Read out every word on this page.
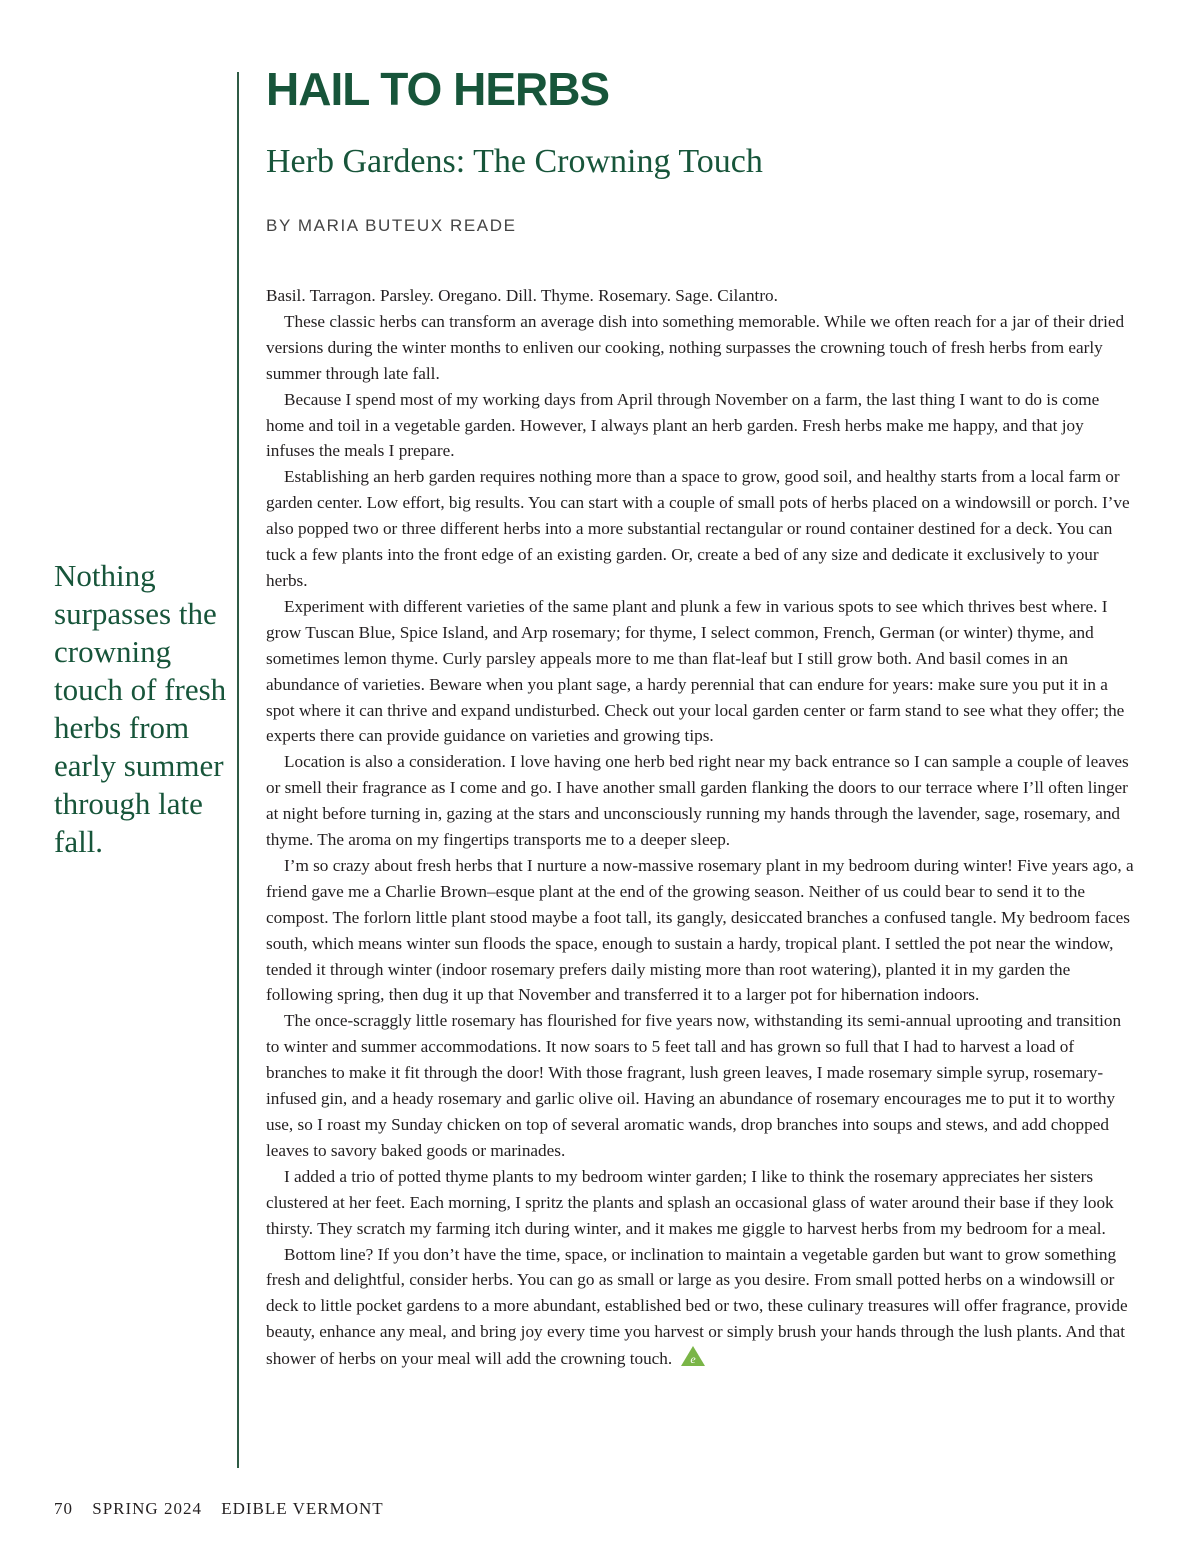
HAIL TO HERBS
Herb Gardens: The Crowning Touch
BY MARIA BUTEUX READE

Nothing surpasses the crowning touch of fresh herbs from early summer through late fall.

Basil. Tarragon. Parsley. Oregano. Dill. Thyme. Rosemary. Sage. Cilantro.

These classic herbs can transform an average dish into something memorable. While we often reach for a jar of their dried versions during the winter months to enliven our cooking, nothing surpasses the crowning touch of fresh herbs from early summer through late fall.

Because I spend most of my working days from April through November on a farm, the last thing I want to do is come home and toil in a vegetable garden. However, I always plant an herb garden. Fresh herbs make me happy, and that joy infuses the meals I prepare.

Establishing an herb garden requires nothing more than a space to grow, good soil, and healthy starts from a local farm or garden center. Low effort, big results. You can start with a couple of small pots of herbs placed on a windowsill or porch. I’ve also popped two or three different herbs into a more substantial rectangular or round container destined for a deck. You can tuck a few plants into the front edge of an existing garden. Or, create a bed of any size and dedicate it exclusively to your herbs.

Experiment with different varieties of the same plant and plunk a few in various spots to see which thrives best where. I grow Tuscan Blue, Spice Island, and Arp rosemary; for thyme, I select common, French, German (or winter) thyme, and sometimes lemon thyme. Curly parsley appeals more to me than flat-leaf but I still grow both. And basil comes in an abundance of varieties. Beware when you plant sage, a hardy perennial that can endure for years: make sure you put it in a spot where it can thrive and expand undisturbed. Check out your local garden center or farm stand to see what they offer; the experts there can provide guidance on varieties and growing tips.

Location is also a consideration. I love having one herb bed right near my back entrance so I can sample a couple of leaves or smell their fragrance as I come and go. I have another small garden flanking the doors to our terrace where I’ll often linger at night before turning in, gazing at the stars and unconsciously running my hands through the lavender, sage, rosemary, and thyme. The aroma on my fingertips transports me to a deeper sleep.

I’m so crazy about fresh herbs that I nurture a now-massive rosemary plant in my bedroom during winter! Five years ago, a friend gave me a Charlie Brown–esque plant at the end of the growing season. Neither of us could bear to send it to the compost. The forlorn little plant stood maybe a foot tall, its gangly, desiccated branches a confused tangle. My bedroom faces south, which means winter sun floods the space, enough to sustain a hardy, tropical plant. I settled the pot near the window, tended it through winter (indoor rosemary prefers daily misting more than root watering), planted it in my garden the following spring, then dug it up that November and transferred it to a larger pot for hibernation indoors.

The once-scraggly little rosemary has flourished for five years now, withstanding its semi-annual uprooting and transition to winter and summer accommodations. It now soars to 5 feet tall and has grown so full that I had to harvest a load of branches to make it fit through the door! With those fragrant, lush green leaves, I made rosemary simple syrup, rosemary-infused gin, and a heady rosemary and garlic olive oil. Having an abundance of rosemary encourages me to put it to worthy use, so I roast my Sunday chicken on top of several aromatic wands, drop branches into soups and stews, and add chopped leaves to savory baked goods or marinades.

I added a trio of potted thyme plants to my bedroom winter garden; I like to think the rosemary appreciates her sisters clustered at her feet. Each morning, I spritz the plants and splash an occasional glass of water around their base if they look thirsty. They scratch my farming itch during winter, and it makes me giggle to harvest herbs from my bedroom for a meal.

Bottom line? If you don’t have the time, space, or inclination to maintain a vegetable garden but want to grow something fresh and delightful, consider herbs. You can go as small or large as you desire. From small potted herbs on a windowsill or deck to little pocket gardens to a more abundant, established bed or two, these culinary treasures will offer fragrance, provide beauty, enhance any meal, and bring joy every time you harvest or simply brush your hands through the lush plants. And that shower of herbs on your meal will add the crowning touch. e

70 SPRING 2024 EDIBLE VERMONT
